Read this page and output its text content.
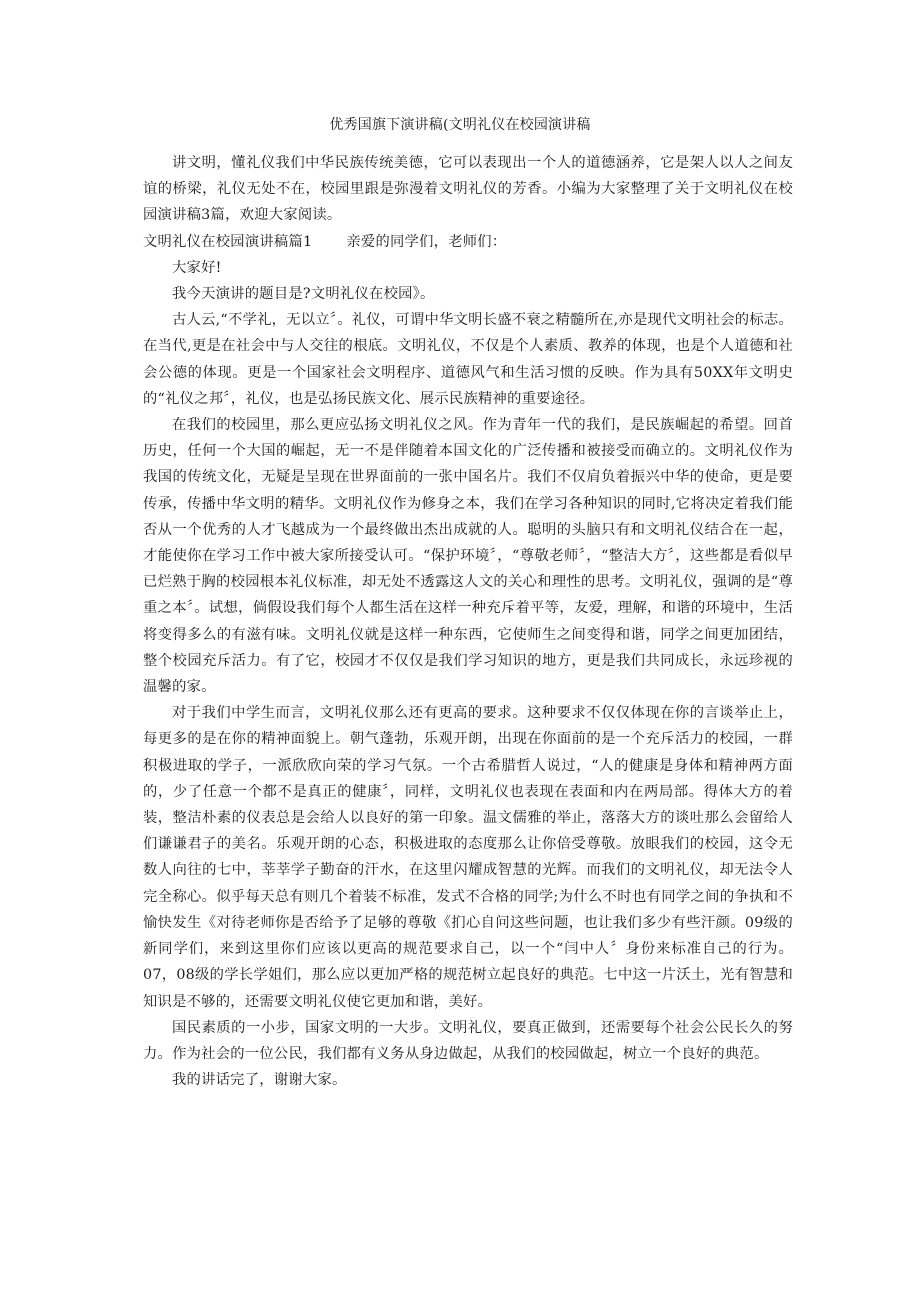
优秀国旗下演讲稿(文明礼仪在校园演讲稿

讲文明，懂礼仪我们中华民族传统美德，它可以表现出一个人的道德涵养，它是架人以人之间友谊的桥梁，礼仪无处不在，校园里跟是弥漫着文明礼仪的芳香。小编为大家整理了关于文明礼仪在校园演讲稿3篇，欢迎大家阅读。

文明礼仪在校园演讲稿篇1 亲爱的同学们，老师们：

大家好!

我今天演讲的题目是?文明礼仪在校园》。

古人云,“不学礼，无以立〞。礼仪，可谓中华文明长盛不衰之精髓所在,亦是现代文明社会的标志。在当代,更是在社会中与人交往的根底。文明礼仪，不仅是个人素质、教养的体现，也是个人道德和社会公德的体现。更是一个国家社会文明程序、道德风气和生活习惯的反映。作为具有50XX年文明史的“礼仪之邦〞，礼仪，也是弘扬民族文化、展示民族精神的重要途径。

在我们的校园里，那么更应弘扬文明礼仪之风。作为青年一代的我们，是民族崛起的希望。回首历史，任何一个大国的崛起，无一不是伴随着本国文化的广泛传播和被接受而确立的。文明礼仪作为我国的传统文化，无疑是呈现在世界面前的一张中国名片。我们不仅肩负着振兴中华的使命，更是要传承，传播中华文明的精华。文明礼仪作为修身之本，我们在学习各种知识的同时,它将决定着我们能否从一个优秀的人才飞越成为一个最终做出杰出成就的人。聪明的头脑只有和文明礼仪结合在一起，才能使你在学习工作中被大家所接受认可。“保护环境〞，“尊敬老师〞，“整洁大方〞，这些都是看似早已烂熟于胸的校园根本礼仪标准，却无处不透露这人文的关心和理性的思考。文明礼仪，强调的是“尊重之本〞。试想，倘假设我们每个人都生活在这样一种充斥着平等，友爱，理解，和谐的环境中，生活将变得多么的有滋有味。文明礼仪就是这样一种东西，它使师生之间变得和谐，同学之间更加团结，整个校园充斥活力。有了它，校园才不仅仅是我们学习知识的地方，更是我们共同成长，永远珍视的温馨的家。

对于我们中学生而言，文明礼仪那么还有更高的要求。这种要求不仅仅体现在你的言谈举止上，每更多的是在你的精神面貌上。朝气蓬勃，乐观开朗，出现在你面前的是一个充斥活力的校园，一群积极进取的学子，一派欣欣向荣的学习气氛。一个古希腊哲人说过，“人的健康是身体和精神两方面的，少了任意一个都不是真正的健康〞，同样，文明礼仪也表现在表面和内在两局部。得体大方的着装，整洁朴素的仪表总是会给人以良好的第一印象。温文儒雅的举止，落落大方的谈吐那么会留给人们谦谦君子的美名。乐观开朗的心态，积极进取的态度那么让你倍受尊敬。放眼我们的校园，这令无数人向往的七中，莘莘学子勤奋的汗水，在这里闪耀成智慧的光辉。而我们的文明礼仪，却无法令人完全称心。似乎每天总有则几个着装不标准，发式不合格的同学;为什么不时也有同学之间的争执和不愉快发生《对待老师你是否给予了足够的尊敬《扪心自问这些问题，也让我们多少有些汗颜。09级的新同学们，来到这里你们应该以更高的规范要求自己，以一个“闫中人〞身份来标准自己的行为。07，08级的学长学姐们，那么应以更加严格的规范树立起良好的典范。七中这一片沃土，光有智慧和知识是不够的，还需要文明礼仪使它更加和谐，美好。

国民素质的一小步，国家文明的一大步。文明礼仪，要真正做到，还需要每个社会公民长久的努力。作为社会的一位公民，我们都有义务从身边做起，从我们的校园做起，树立一个良好的典范。

我的讲话完了，谢谢大家。
